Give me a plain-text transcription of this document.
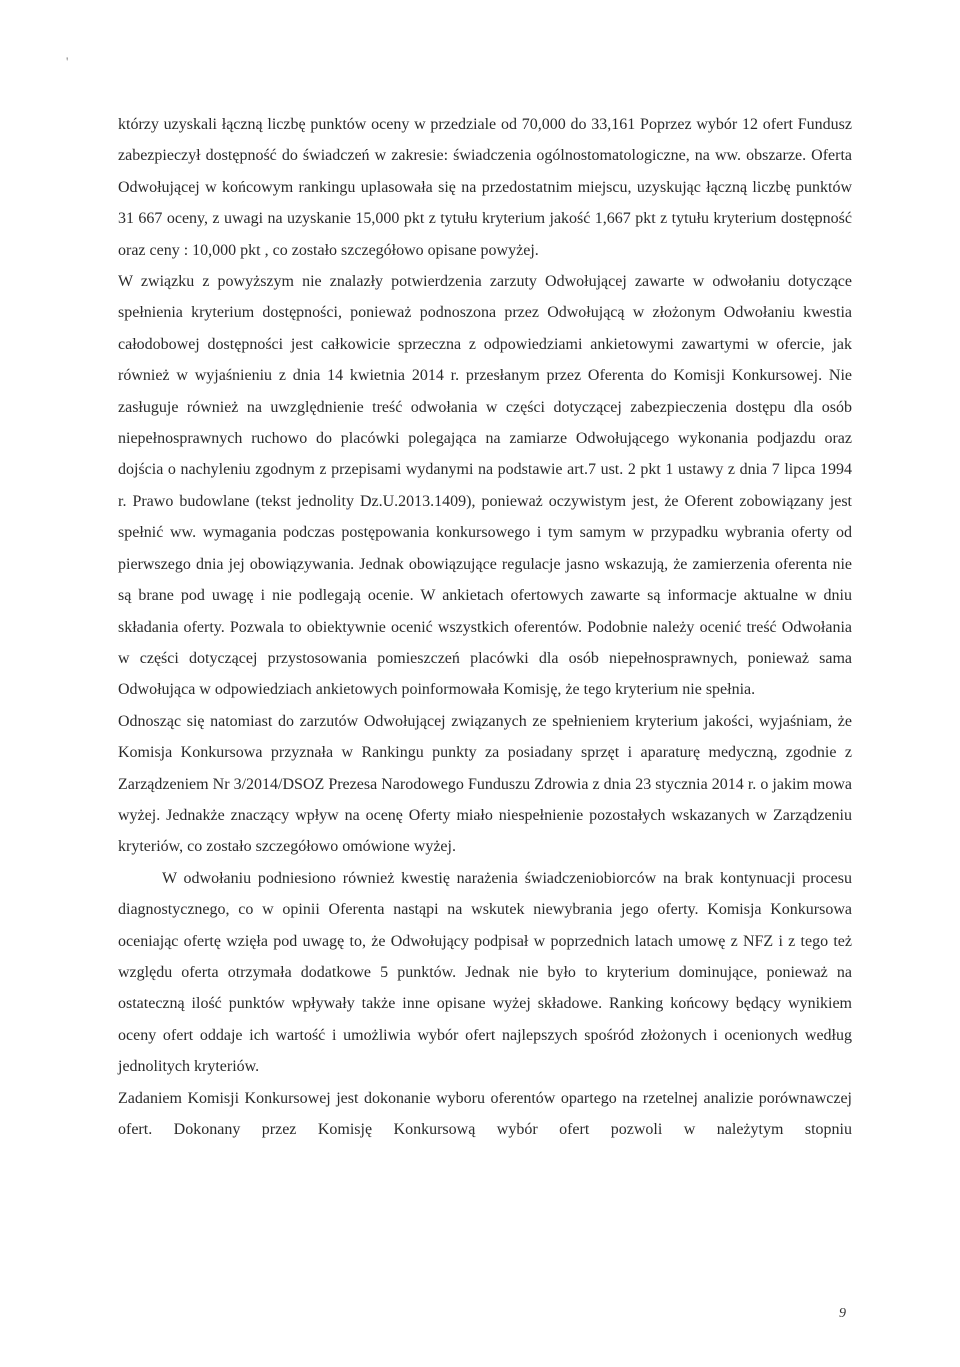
'

którzy uzyskali łączną liczbę punktów oceny w przedziale od 70,000 do 33,161 Poprzez wybór 12 ofert Fundusz zabezpieczył dostępność do świadczeń w zakresie: świadczenia ogólnostomatologiczne, na ww. obszarze. Oferta Odwołującej w końcowym rankingu uplasowała się na przedostatnim miejscu, uzyskując łączną liczbę punktów 31 667 oceny, z uwagi na uzyskanie 15,000 pkt z tytułu kryterium jakość 1,667 pkt z tytułu kryterium dostępność oraz ceny : 10,000 pkt , co zostało szczegółowo opisane powyżej.

W związku z powyższym nie znalazły potwierdzenia zarzuty Odwołującej zawarte w odwołaniu dotyczące spełnienia kryterium dostępności, ponieważ podnoszona przez Odwołującą w złożonym Odwołaniu kwestia całodobowej dostępności jest całkowicie sprzeczna z odpowiedziami ankietowymi zawartymi w ofercie, jak również w wyjaśnieniu z dnia 14 kwietnia 2014 r. przesłanym przez Oferenta do Komisji Konkursowej. Nie zasługuje również na uwzględnienie treść odwołania w części dotyczącej zabezpieczenia dostępu dla osób niepełnosprawnych ruchowo do placówki polegająca na zamiarze Odwołującego wykonania podjazdu oraz dojścia o nachyleniu zgodnym z przepisami wydanymi na podstawie art.7 ust. 2 pkt 1 ustawy z dnia 7 lipca 1994 r. Prawo budowlane (tekst jednolity Dz.U.2013.1409), ponieważ oczywistym jest, że Oferent zobowiązany jest spełnić ww. wymagania podczas postępowania konkursowego i tym samym w przypadku wybrania oferty od pierwszego dnia jej obowiązywania. Jednak obowiązujące regulacje jasno wskazują, że zamierzenia oferenta nie są brane pod uwagę i nie podlegają ocenie. W ankietach ofertowych zawarte są informacje aktualne w dniu składania oferty. Pozwala to obiektywnie ocenić wszystkich oferentów. Podobnie należy ocenić treść Odwołania w części dotyczącej przystosowania pomieszczeń placówki dla osób niepełnosprawnych, ponieważ sama Odwołująca w odpowiedziach ankietowych poinformowała Komisję, że tego kryterium nie spełnia.

Odnosząc się natomiast do zarzutów Odwołującej związanych ze spełnieniem kryterium jakości, wyjaśniam, że Komisja Konkursowa przyznała w Rankingu punkty za posiadany sprzęt i aparaturę medyczną, zgodnie z Zarządzeniem Nr 3/2014/DSOZ Prezesa Narodowego Funduszu Zdrowia z dnia 23 stycznia 2014 r. o jakim mowa wyżej. Jednakże znaczący wpływ na ocenę Oferty miało niespełnienie pozostałych wskazanych w Zarządzeniu kryteriów, co zostało szczegółowo omówione wyżej.

W odwołaniu podniesiono również kwestię narażenia świadczeniobiorców na brak kontynuacji procesu diagnostycznego, co w opinii Oferenta nastąpi na wskutek niewybrania jego oferty. Komisja Konkursowa oceniając ofertę wzięła pod uwagę to, że Odwołujący podpisał w poprzednich latach umowę z NFZ i z tego też względu oferta otrzymała dodatkowe 5 punktów. Jednak nie było to kryterium dominujące, ponieważ na ostateczną ilość punktów wpływały także inne opisane wyżej składowe. Ranking końcowy będący wynikiem oceny ofert oddaje ich wartość i umożliwia wybór ofert najlepszych spośród złożonych i ocenionych według jednolitych kryteriów.

Zadaniem Komisji Konkursowej jest dokonanie wyboru oferentów opartego na rzetelnej analizie porównawczej ofert. Dokonany przez Komisję Konkursową wybór ofert pozwoli w należytym stopniu

9
